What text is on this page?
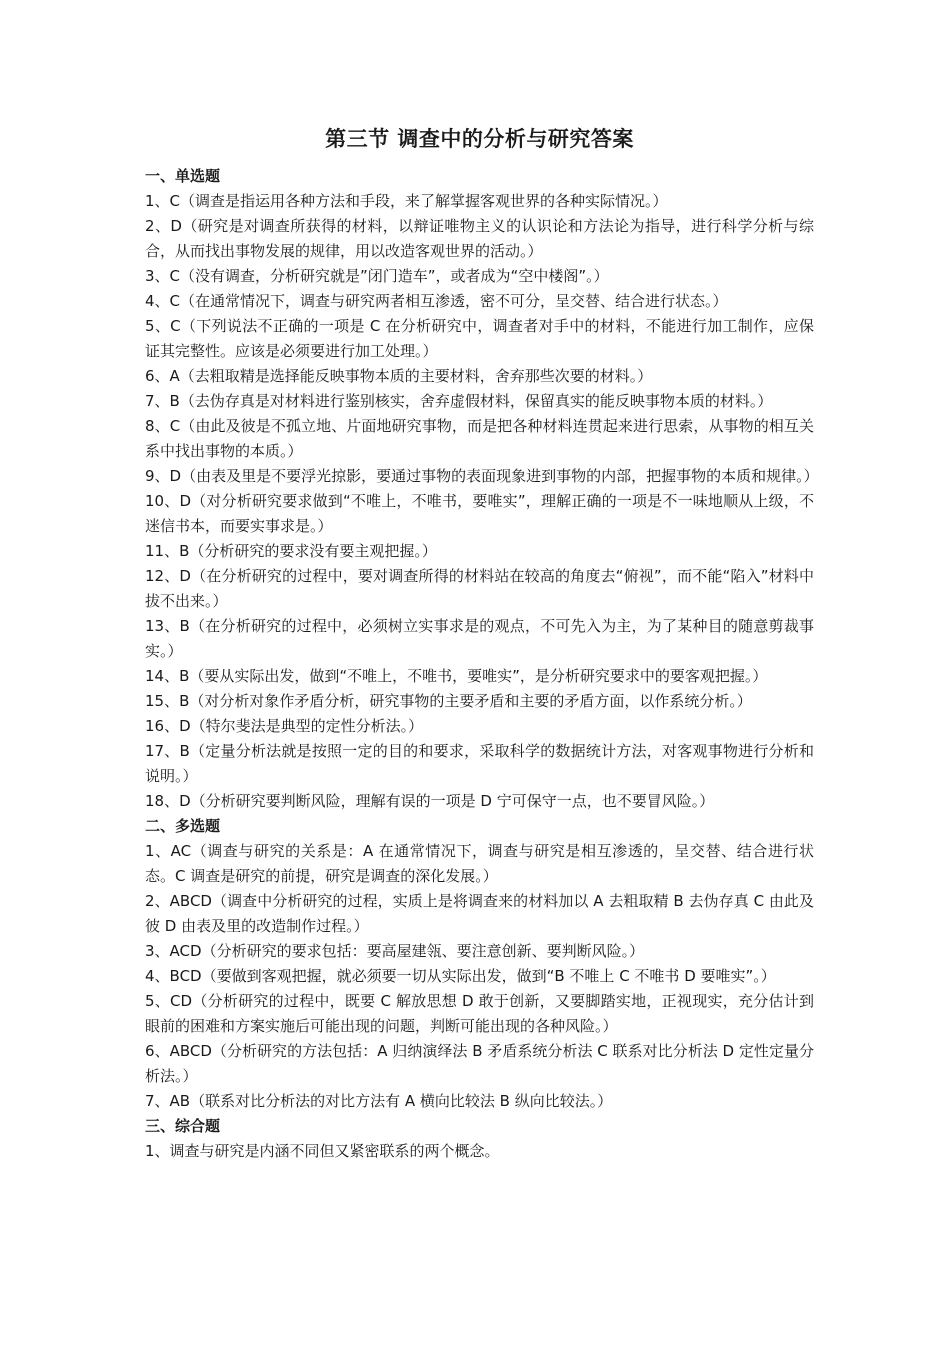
第三节 调查中的分析与研究答案
一、单选题
1、C（调查是指运用各种方法和手段，来了解掌握客观世界的各种实际情况。）
2、D（研究是对调查所获得的材料，以辩证唯物主义的认识论和方法论为指导，进行科学分析与综合，从而找出事物发展的规律，用以改造客观世界的活动。）
3、C（没有调查，分析研究就是”闭门造车”，或者成为“空中楼阁”。）
4、C（在通常情况下，调查与研究两者相互渗透，密不可分，呈交替、结合进行状态。）
5、C（下列说法不正确的一项是 C 在分析研究中，调查者对手中的材料，不能进行加工制作，应保证其完整性。应该是必须要进行加工处理。）
6、A（去粗取精是选择能反映事物本质的主要材料，舍弃那些次要的材料。）
7、B（去伪存真是对材料进行鉴别核实，舍弃虚假材料，保留真实的能反映事物本质的材料。）
8、C（由此及彼是不孤立地、片面地研究事物，而是把各种材料连贯起来进行思索，从事物的相互关系中找出事物的本质。）
9、D（由表及里是不要浮光掠影，要通过事物的表面现象进到事物的内部，把握事物的本质和规律。）
10、D（对分析研究要求做到“不唯上，不唯书，要唯实”，理解正确的一项是不一味地顺从上级，不迷信书本，而要实事求是。）
11、B（分析研究的要求没有要主观把握。）
12、D（在分析研究的过程中，要对调查所得的材料站在较高的角度去“俯视”，而不能“陷入”材料中拔不出来。）
13、B（在分析研究的过程中，必须树立实事求是的观点，不可先入为主，为了某种目的随意剪裁事实。）
14、B（要从实际出发，做到“不唯上，不唯书，要唯实”，是分析研究要求中的要客观把握。）
15、B（对分析对象作矛盾分析，研究事物的主要矛盾和主要的矛盾方面，以作系统分析。）
16、D（特尔斐法是典型的定性分析法。）
17、B（定量分析法就是按照一定的目的和要求，采取科学的数据统计方法，对客观事物进行分析和说明。）
18、D（分析研究要判断风险，理解有误的一项是 D 宁可保守一点，也不要冒风险。）
二、多选题
1、AC（调查与研究的关系是：A 在通常情况下，调查与研究是相互渗透的，呈交替、结合进行状态。C 调查是研究的前提，研究是调查的深化发展。）
2、ABCD（调查中分析研究的过程，实质上是将调查来的材料加以 A 去粗取精 B 去伪存真 C 由此及彼 D 由表及里的改造制作过程。）
3、ACD（分析研究的要求包括：要高屋建瓴、要注意创新、要判断风险。）
4、BCD（要做到客观把握，就必须要一切从实际出发，做到“B 不唯上 C 不唯书 D 要唯实”。）
5、CD（分析研究的过程中，既要 C 解放思想 D 敢于创新，又要脚踏实地，正视现实，充分估计到眼前的困难和方案实施后可能出现的问题，判断可能出现的各种风险。）
6、ABCD（分析研究的方法包括：A 归纳演绎法 B 矛盾系统分析法 C 联系对比分析法 D 定性定量分析法。）
7、AB（联系对比分析法的对比方法有 A 横向比较法 B 纵向比较法。）
三、综合题
1、调查与研究是内涵不同但又紧密联系的两个概念。
